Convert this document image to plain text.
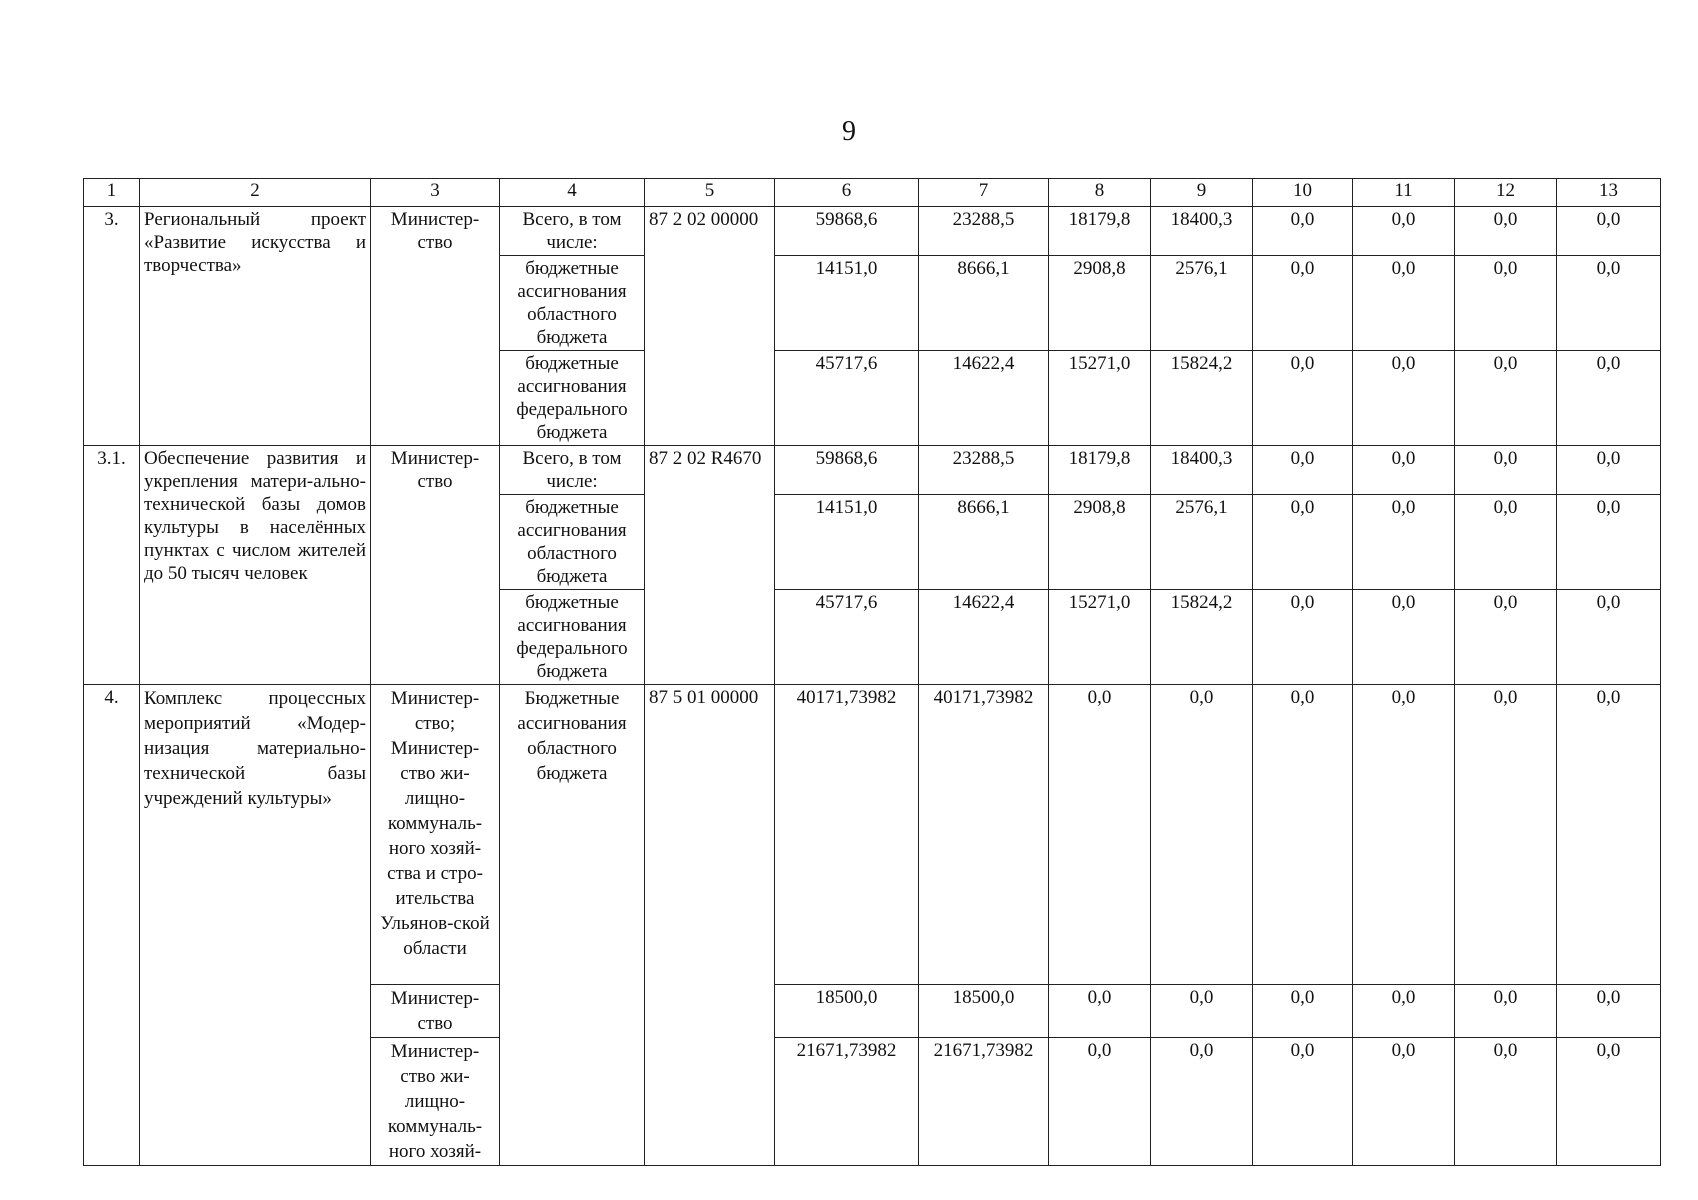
9
1	2	3	4	5	6	7	8	9	10	11	12	13
3.	Региональный проект «Развитие искусства и творчества»	Министер-ство	Всего, в том числе:	87 2 02 00000	59868,6	23288,5	18179,8	18400,3	0,0	0,0	0,0	0,0
			бюджетные ассигнования областного бюджета		14151,0	8666,1	2908,8	2576,1	0,0	0,0	0,0	0,0
			бюджетные ассигнования федерального бюджета		45717,6	14622,4	15271,0	15824,2	0,0	0,0	0,0	0,0
3.1.	Обеспечение развития и укрепления матери-ально-технической базы домов культуры в населённых пунктах с числом жителей до 50 тысяч человек	Министер-ство	Всего, в том числе:	87 2 02 R4670	59868,6	23288,5	18179,8	18400,3	0,0	0,0	0,0	0,0
			бюджетные ассигнования областного бюджета		14151,0	8666,1	2908,8	2576,1	0,0	0,0	0,0	0,0
			бюджетные ассигнования федерального бюджета		45717,6	14622,4	15271,0	15824,2	0,0	0,0	0,0	0,0
4.	Комплекс процессных мероприятий «Модер-низация материально-технической базы учреждений культуры»	Министер-ство; Министер-ство жи-лищно-коммуналь-ного хозяй-ства и стро-ительства Ульянов-ской области	Бюджетные ассигнования областного бюджета	87 5 01 00000	40171,73982	40171,73982	0,0	0,0	0,0	0,0	0,0	0,0
		Министер-ство			18500,0	18500,0	0,0	0,0	0,0	0,0	0,0	0,0
		Министер-ство жи-лищно-коммуналь-ного хозяй-			21671,73982	21671,73982	0,0	0,0	0,0	0,0	0,0	0,0
